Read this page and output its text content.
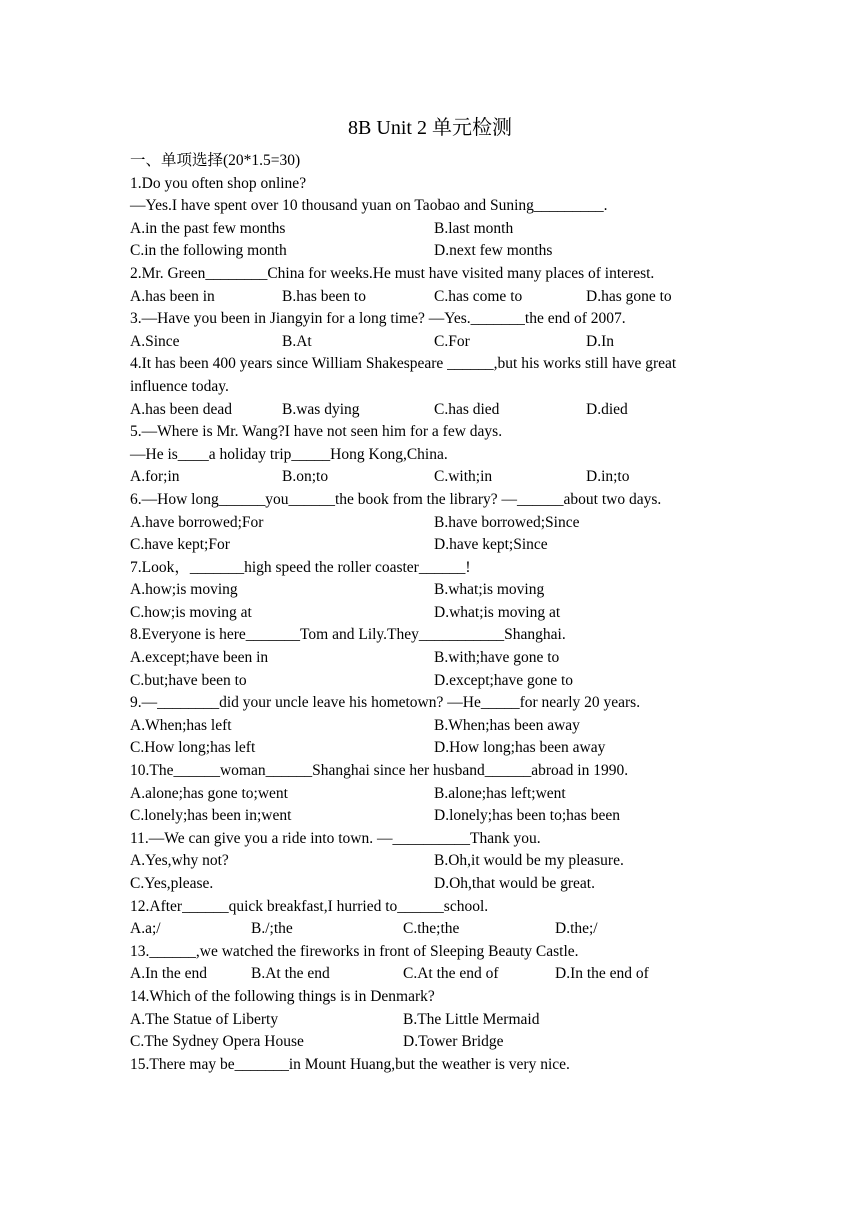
8B Unit 2 单元检测
一、单项选择(20*1.5=30)
1.Do you often shop online?
—Yes.I have spent over 10 thousand yuan on Taobao and Suning_________.
A.in the past few months	B.last month
C.in the following month	D.next few months
2.Mr. Green________China for weeks.He must have visited many places of interest.
A.has been in	B.has been to	C.has come to	D.has gone to
3.—Have you been in Jiangyin for a long time? —Yes._______the end of 2007.
A.Since	B.At	C.For	D.In
4.It has been 400 years since William Shakespeare ______,but his works still have great influence today.
A.has been dead	B.was dying	C.has died	D.died
5.—Where is Mr. Wang?I have not seen him for a few days.
—He is____a holiday trip_____Hong Kong,China.
A.for;in	B.on;to	C.with;in	D.in;to
6.—How long______you______the book from the library? —______about two days.
A.have borrowed;For	B.have borrowed;Since
C.have kept;For	D.have kept;Since
7.Look，_______high speed the roller coaster______!
A.how;is moving	B.what;is moving
C.how;is moving at	D.what;is moving at
8.Everyone is here_______Tom and Lily.They___________Shanghai.
A.except;have been in	B.with;have gone to
C.but;have been to	D.except;have gone to
9.—________did your uncle leave his hometown? —He_____for nearly 20 years.
A.When;has left	B.When;has been away
C.How long;has left	D.How long;has been away
10.The______woman______Shanghai since her husband______abroad in 1990.
A.alone;has gone to;went	B.alone;has left;went
C.lonely;has been in;went	D.lonely;has been to;has been
11.—We can give you a ride into town. —__________Thank you.
A.Yes,why not?	B.Oh,it would be my pleasure.
C.Yes,please.	D.Oh,that would be great.
12.After______quick breakfast,I hurried to______school.
A.a;/	B./;the	C.the;the	D.the;/
13.______,we watched the fireworks in front of Sleeping Beauty Castle.
A.In the end	B.At the end	C.At the end of	D.In the end of
14.Which of the following things is in Denmark?
A.The Statue of Liberty	B.The Little Mermaid
C.The Sydney Opera House	D.Tower Bridge
15.There may be_______in Mount Huang,but the weather is very nice.
